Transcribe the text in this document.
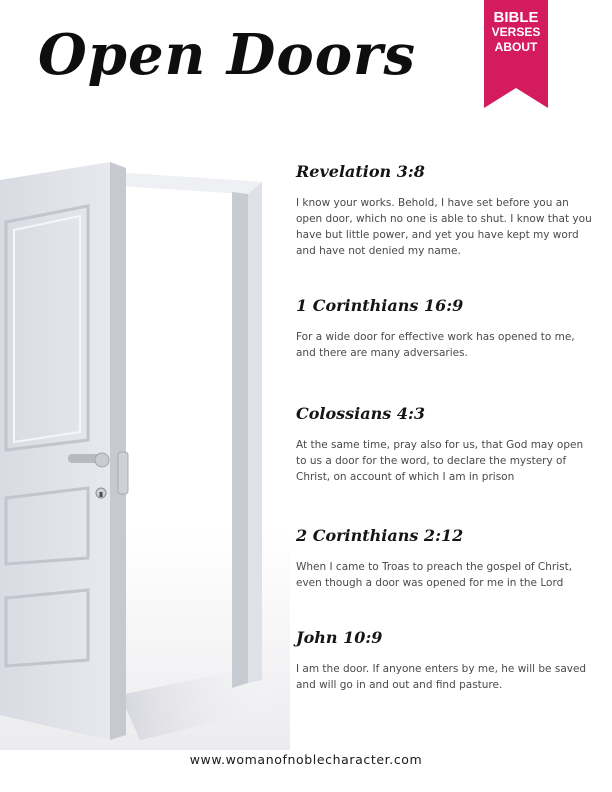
Open Doors
BIBLE
VERSES
ABOUT
Revelation 3:8
I know your works. Behold, I have set before you an open door, which no one is able to shut. I know that you have but little power, and yet you have kept my word and have not denied my name.
1 Corinthians 16:9
For a wide door for effective work has opened to me, and there are many adversaries.
Colossians 4:3
At the same time, pray also for us, that God may open to us a door for the word, to declare the mystery of Christ, on account of which I am in prison
2 Corinthians 2:12
When I came to Troas to preach the gospel of Christ, even though a door was opened for me in the Lord
John 10:9
I am the door. If anyone enters by me, he will be saved and will go in and out and find pasture.
www.womanofnoblecharacter.com
